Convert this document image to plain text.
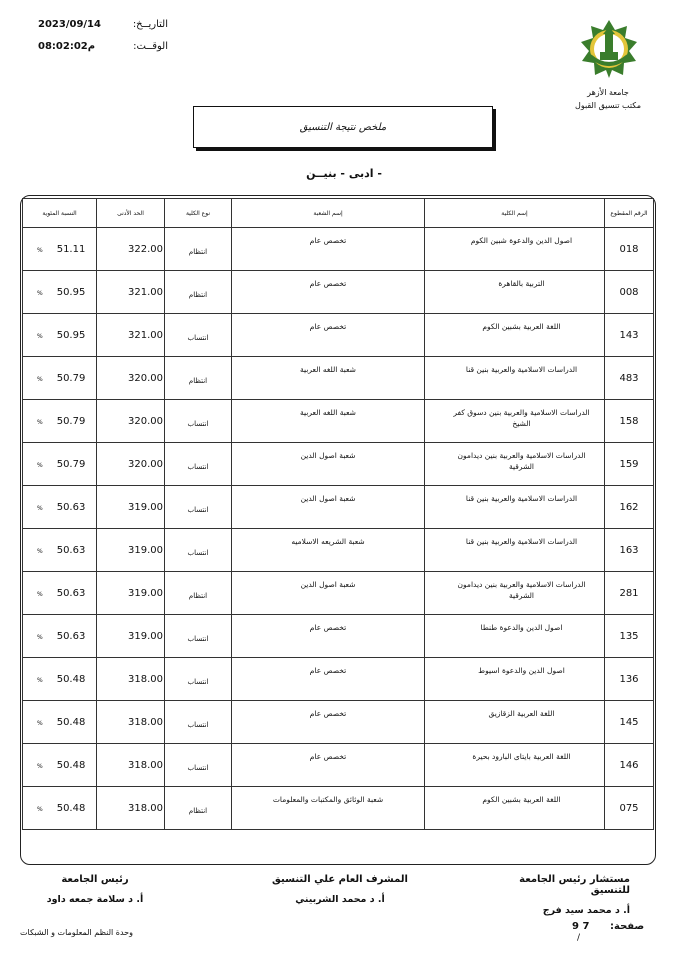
التاريــخ:
2023/09/14
الوقــت:
م08:02:02
جامعة الأزهر
مكتب تنسيق القبول
ملخص نتيجة التنسيق
- ادبى - بنيــن
الرقم المقطوع	إسم الكلية	إسم الشعبة	نوع الكلية	الحد الأدنى	النسبة المئوية
018	اصول الدين والدعوة شبين الكوم	تخصص عام	انتظام	322.00	% 51.11
008	التربية بالقاهرة	تخصص عام	انتظام	321.00	% 50.95
143	اللغة العربية بشبين الكوم	تخصص عام	انتساب	321.00	% 50.95
483	الدراسات الاسلامية والعربية بنين قنا	شعبة اللغه العربية	انتظام	320.00	% 50.79
158	الدراسات الاسلامية والعربية بنين دسوق كفر الشيخ	شعبة اللغه العربية	انتساب	320.00	% 50.79
159	الدراسات الاسلامية والعربية بنين ديدامون الشرقية	شعبة اصول الدين	انتساب	320.00	% 50.79
162	الدراسات الاسلامية والعربية بنين قنا	شعبة اصول الدين	انتساب	319.00	% 50.63
163	الدراسات الاسلامية والعربية بنين قنا	شعبة الشريعه الاسلاميه	انتساب	319.00	% 50.63
281	الدراسات الاسلامية والعربية بنين ديدامون الشرقية	شعبة اصول الدين	انتظام	319.00	% 50.63
135	اصول الدين والدعوة طنطا	تخصص عام	انتساب	319.00	% 50.63
136	اصول الدين والدعوة اسيوط	تخصص عام	انتساب	318.00	% 50.48
145	اللغة العربية الزقازيق	تخصص عام	انتساب	318.00	% 50.48
146	اللغة العربية بايتاى البارود بحيرة	تخصص عام	انتساب	318.00	% 50.48
075	اللغة العربية بشبين الكوم	شعبة الوثائق والمكتبات والمعلومات	انتظام	318.00	% 50.48
مستشار رئيس الجامعة للتنسيق
أ. د محمد سيد فرج
المشرف العام علي التنسيق
أ. د محمد الشربيني
رئيس الجامعة
أ. د سلامة جمعه داود
صفحة:
9 7
/
وحدة النظم المعلومات و الشبكات
